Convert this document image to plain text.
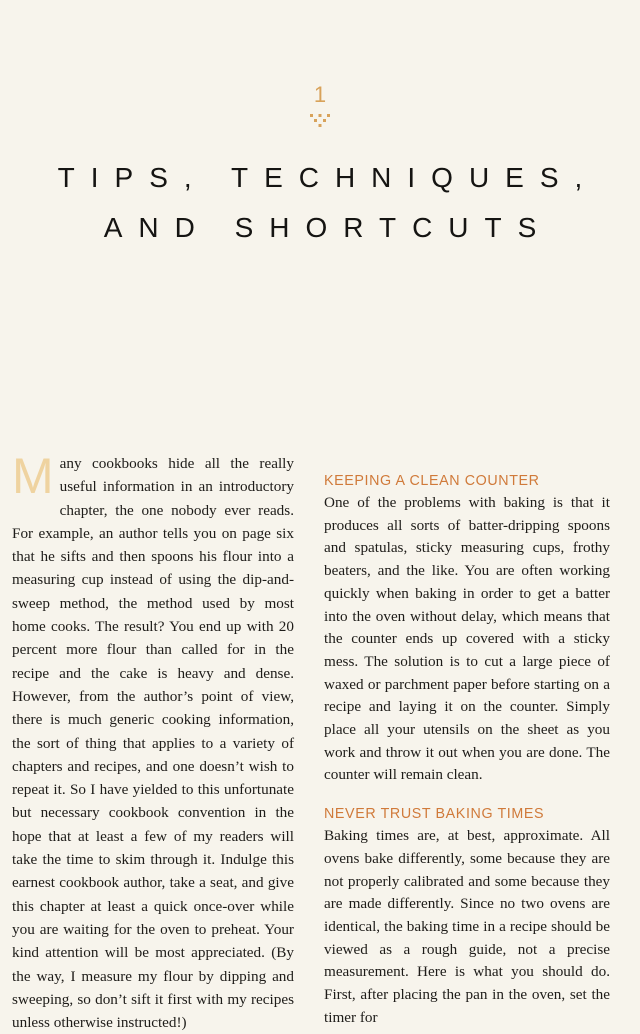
1
TIPS, TECHNIQUES,
AND SHORTCUTS
M any cookbooks hide all the really useful information in an introductory chapter, the one nobody ever reads. For example, an author tells you on page six that he sifts and then spoons his flour into a measuring cup instead of using the dip-and-sweep method, the method used by most home cooks. The result? You end up with 20 percent more flour than called for in the recipe and the cake is heavy and dense. However, from the author’s point of view, there is much generic cooking information, the sort of thing that applies to a variety of chapters and recipes, and one doesn’t wish to repeat it. So I have yielded to this unfortunate but necessary cookbook convention in the hope that at least a few of my readers will take the time to skim through it. Indulge this earnest cookbook author, take a seat, and give this chapter at least a quick once-over while you are waiting for the oven to preheat. Your kind attention will be most appreciated. (By the way, I measure my flour by dipping and sweeping, so don’t sift it first with my recipes unless otherwise instructed!)

KEEPING A CLEAN COUNTER

One of the problems with baking is that it produces all sorts of batter-dripping spoons and spatulas, sticky measuring cups, frothy beaters, and the like. You are often working quickly when baking in order to get a batter into the oven without delay, which means that the counter ends up covered with a sticky mess. The solution is to cut a large piece of waxed or parchment paper before starting on a recipe and laying it on the counter. Simply place all your utensils on the sheet as you work and throw it out when you are done. The counter will remain clean.

NEVER TRUST BAKING TIMES

Baking times are, at best, approximate. All ovens bake differently, some because they are not properly calibrated and some because they are made differently. Since no two ovens are identical, the baking time in a recipe should be viewed as a rough guide, not a precise measurement. Here is what you should do. First, after placing the pan in the oven, set the timer for
